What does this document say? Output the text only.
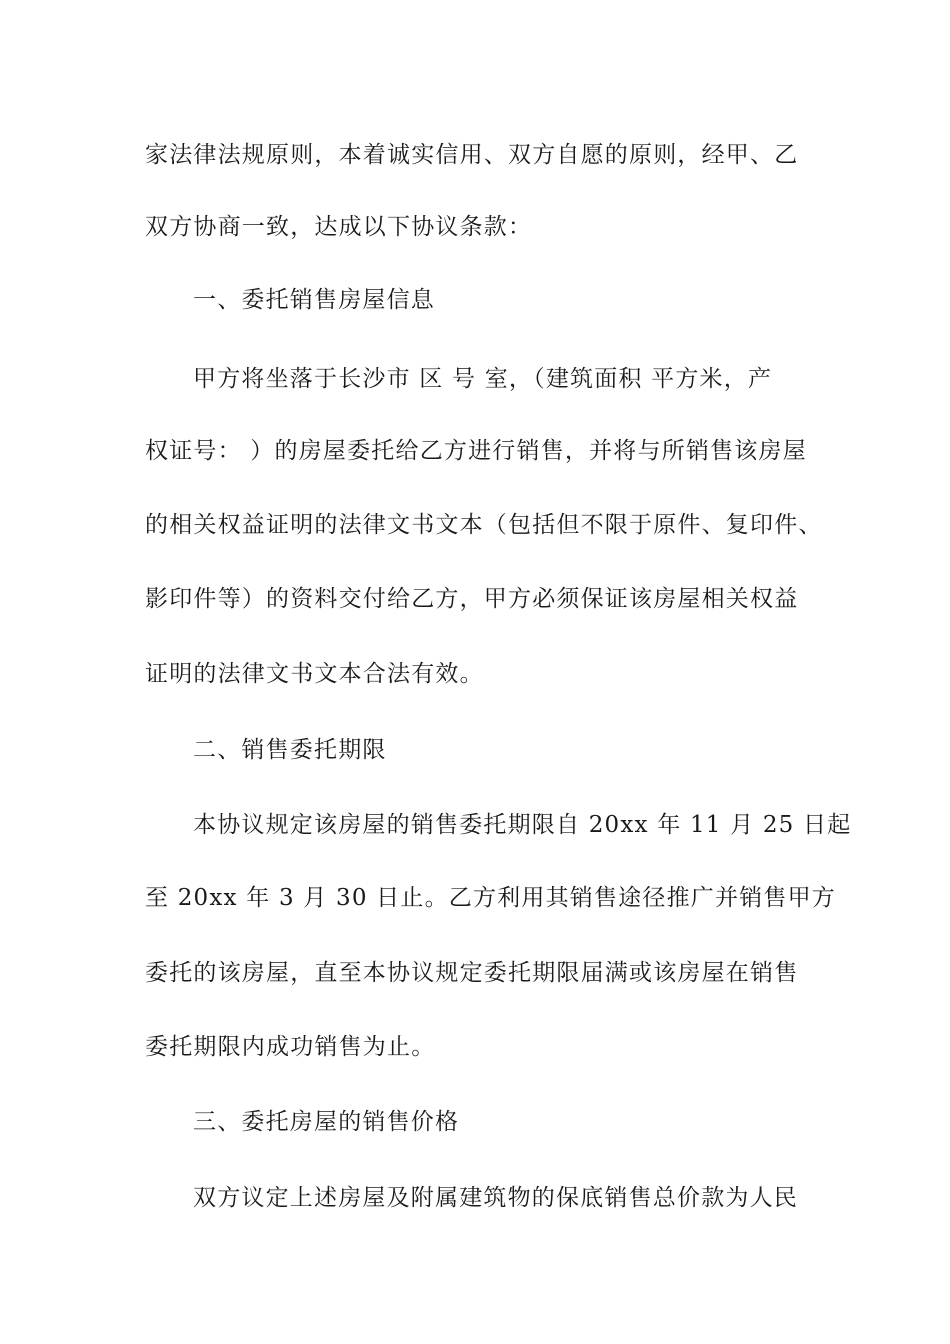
家法律法规原则，本着诚实信用、双方自愿的原则，经甲、乙
双方协商一致，达成以下协议条款：
一、委托销售房屋信息
甲方将坐落于长沙市 区 号 室，（建筑面积 平方米，产
权证号： ）的房屋委托给乙方进行销售，并将与所销售该房屋
的相关权益证明的法律文书文本（包括但不限于原件、复印件、
影印件等）的资料交付给乙方，甲方必须保证该房屋相关权益
证明的法律文书文本合法有效。
二、销售委托期限
本协议规定该房屋的销售委托期限自 20xx 年 11 月 25 日起
至 20xx 年 3 月 30 日止。乙方利用其销售途径推广并销售甲方
委托的该房屋，直至本协议规定委托期限届满或该房屋在销售
委托期限内成功销售为止。
三、委托房屋的销售价格
双方议定上述房屋及附属建筑物的保底销售总价款为人民
